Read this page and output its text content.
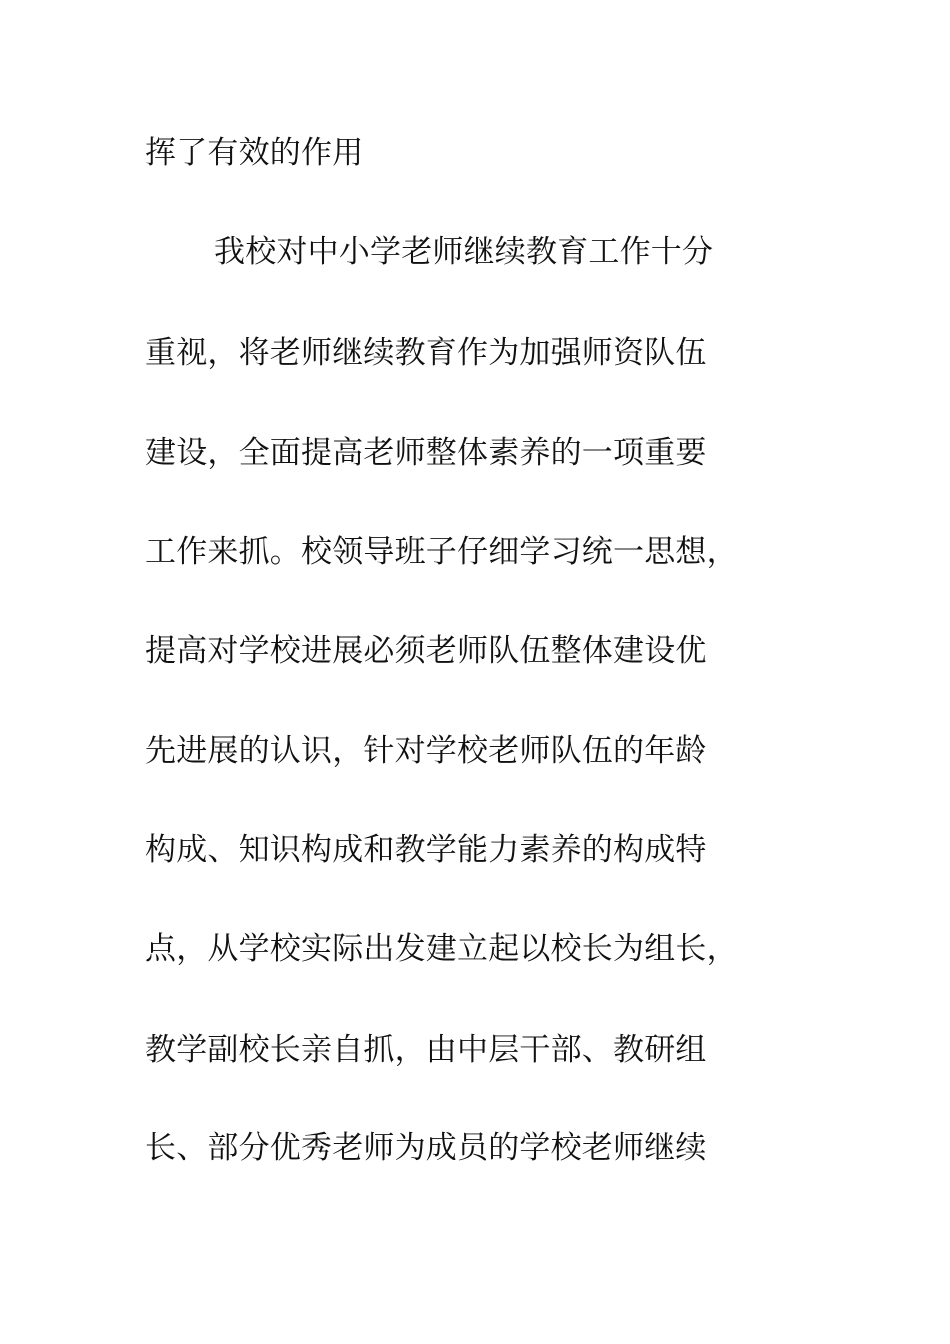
挥了有效的作用
我校对中小学老师继续教育工作十分
重视，将老师继续教育作为加强师资队伍
建设，全面提高老师整体素养的一项重要
工作来抓。校领导班子仔细学习统一思想，
提高对学校进展必须老师队伍整体建设优
先进展的认识，针对学校老师队伍的年龄
构成、知识构成和教学能力素养的构成特
点，从学校实际出发建立起以校长为组长，
教学副校长亲自抓，由中层干部、教研组
长、部分优秀老师为成员的学校老师继续
